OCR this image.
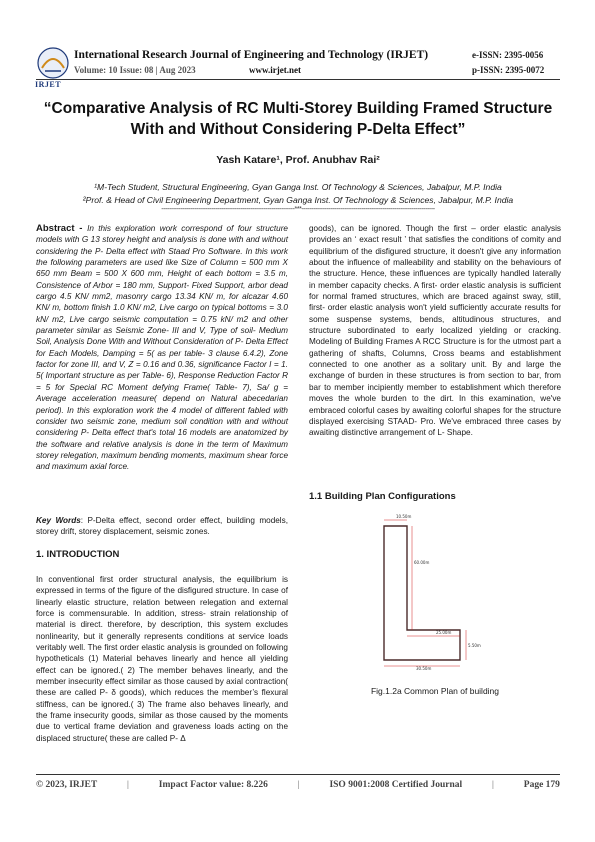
IRJET
International Research Journal of Engineering and Technology (IRJET)
Volume: 10 Issue: 08 | Aug 2023	www.irjet.net
e-ISSN: 2395-0056
p-ISSN: 2395-0072
“Comparative Analysis of RC Multi-Storey Building Framed Structure
With and Without Considering P-Delta Effect”
Yash Katare¹, Prof. Anubhav Rai²
¹M-Tech Student, Structural Engineering, Gyan Ganga Inst. Of Technology & Sciences, Jabalpur, M.P. India
²Prof. & Head of Civil Engineering Department, Gyan Ganga Inst. Of Technology & Sciences, Jabalpur, M.P. India
---------------------------------------------------------------------***---------------------------------------------------------------------
Abstract - In this exploration work correspond of four structure models with G 13 storey height and analysis is done with and without considering the P- Delta effect with Staad Pro Software. In this work the following parameters are used like Size of Column = 500 mm X 650 mm Beam = 500 X 600 mm, Height of each bottom = 3.5 m, Consistence of Arbor = 180 mm, Support- Fixed Support, arbor dead cargo 4.5 KN/ mm2, masonry cargo 13.34 KN/ m, for alcazar 4.60 KN/ m, bottom finish 1.0 KN/ m2, Live cargo on typical bottoms = 3.0 kN/ m2, Live cargo seismic computation = 0.75 kN/ m2 and other parameter similar as Seismic Zone- III and V, Type of soil- Medium Soil, Analysis Done With and Without Consideration of P- Delta Effect for Each Models, Damping = 5( as per table- 3 clause 6.4.2), Zone factor for zone III, and V, Z = 0.16 and 0.36, significance Factor I = 1. 5( Important structure as per Table- 6), Response Reduction Factor R = 5 for Special RC Moment defying Frame( Table- 7), Sa/ g = Average acceleration measure( depend on Natural abecedarian period). In this exploration work the 4 model of different fabled with consider two seismic zone, medium soil condition with and without considering P- Delta effect that's total 16 models are anatomized by the software and relative analysis is done in the term of Maximum storey relegation, maximum bending moments, maximum shear force and maximum axial force.
Key Words: P-Delta effect, second order effect, building models, storey drift, storey displacement, seismic zones.
1. INTRODUCTION
In conventional first order structural analysis, the equilibrium is expressed in terms of the figure of the disfigured structure. In case of linearly elastic structure, relation between relegation and external force is commensurable. In addition, stress- strain relationship of material is direct. therefore, by description, this system excludes nonlinearity, but it generally represents conditions at service loads veritably well. The first order elastic analysis is grounded on following hypotheticals (1) Material behaves linearly and hence all yielding effect can be ignored.( 2) The member behaves linearly, and the member insecurity effect similar as those caused by axial contraction( these are called P- δ goods), which reduces the member’s flexural stiffness, can be ignored.( 3) The frame also behaves linearly, and the frame insecurity goods, similar as those caused by the moments due to vertical frame deviation and graveness loads acting on the displaced structure( these are called P- Δ
goods), can be ignored. Though the first – order elastic analysis provides an ‘ exact result ’ that satisfies the conditions of comity and equilibrium of the disfigured structure, it doesn't give any information about the influence of malleability and stability on the behaviours of the structure. Hence, these influences are typically handled laterally in member capacity checks. A first- order elastic analysis is sufficient for normal framed structures, which are braced against sway, still, first- order elastic analysis won't yield sufficiently accurate results for some suspense systems, bends, altitudinous structures, and structure subordinated to early localized yielding or cracking. Modeling of Building Frames A RCC Structure is for the utmost part a gathering of shafts, Columns, Cross beams and establishment connected to one another as a solitary unit. By and large the exchange of burden in these structures is from section to bar, from bar to member incipiently member to establishment which therefore moves the whole burden to the dirt. In this examination, we've embraced colorful cases by awaiting colorful shapes for the structure displayed exercising STAAD- Pro. We've embraced three cases by awaiting distinctive arrangement of L- Shape.
1.1 Building Plan Configurations
10.50m
60.00m
25.00m
5.50m
30.50m
Fig.1.2a Common Plan of building
© 2023, IRJET	|	Impact Factor value: 8.226	|	ISO 9001:2008 Certified Journal	|	Page 179
